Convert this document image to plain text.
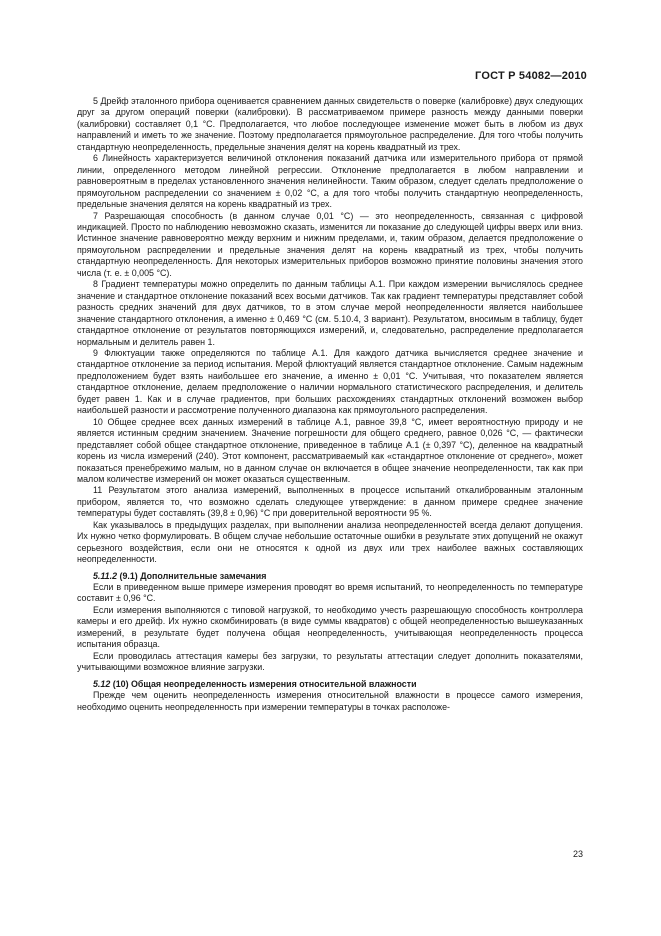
ГОСТ Р 54082—2010

5 Дрейф эталонного прибора оценивается сравнением данных свидетельств о поверке (калибровке) двух следующих друг за другом операций поверки (калибровки). В рассматриваемом примере разность между данными поверки (калибровки) составляет 0,1 °C. Предполагается, что любое последующее изменение может быть в любом из двух направлений и иметь то же значение. Поэтому предполагается прямоугольное распределение. Для того чтобы получить стандартную неопределенность, предельные значения делят на корень квадратный из трех.

6 Линейность характеризуется величиной отклонения показаний датчика или измерительного прибора от прямой линии, определенного методом линейной регрессии. Отклонение предполагается в любом направлении и равновероятным в пределах установленного значения нелинейности. Таким образом, следует сделать предположение о прямоугольном распределении со значением ± 0,02 °C, а для того чтобы получить стандартную неопределенность, предельные значения делятся на корень квадратный из трех.

7 Разрешающая способность (в данном случае 0,01 °C) — это неопределенность, связанная с цифровой индикацией. Просто по наблюдению невозможно сказать, изменится ли показание до следующей цифры вверх или вниз. Истинное значение равновероятно между верхним и нижним пределами, и, таким образом, делается предположение о прямоугольном распределении и предельные значения делят на корень квадратный из трех, чтобы получить стандартную неопределенность. Для некоторых измерительных приборов возможно принятие половины значения этого числа (т. е. ± 0,005 °C).

8 Градиент температуры можно определить по данным таблицы А.1. При каждом измерении вычислялось среднее значение и стандартное отклонение показаний всех восьми датчиков. Так как градиент температуры представляет собой разность средних значений для двух датчиков, то в этом случае мерой неопределенности является наибольшее значение стандартного отклонения, а именно ± 0,469 °C (см. 5.10.4, 3 вариант). Результатом, вносимым в таблицу, будет стандартное отклонение от результатов повторяющихся измерений, и, следовательно, распределение предполагается нормальным и делитель равен 1.

9 Флюктуации также определяются по таблице А.1. Для каждого датчика вычисляется среднее значение и стандартное отклонение за период испытания. Мерой флюктуаций является стандартное отклонение. Самым надежным предположением будет взять наибольшее его значение, а именно ± 0,01 °C. Учитывая, что показателем является стандартное отклонение, делаем предположение о наличии нормального статистического распределения, и делитель будет равен 1. Как и в случае градиентов, при больших расхождениях стандартных отклонений возможен выбор наибольшей разности и рассмотрение полученного диапазона как прямоугольного распределения.

10 Общее среднее всех данных измерений в таблице А.1, равное 39,8 °C, имеет вероятностную природу и не является истинным средним значением. Значение погрешности для общего среднего, равное 0,026 °C, — фактически представляет собой общее стандартное отклонение, приведенное в таблице А.1 (± 0,397 °C), деленное на квадратный корень из числа измерений (240). Этот компонент, рассматриваемый как «стандартное отклонение от среднего», может показаться пренебрежимо малым, но в данном случае он включается в общее значение неопределенности, так как при малом количестве измерений он может оказаться существенным.

11 Результатом этого анализа измерений, выполненных в процессе испытаний откалиброванным эталонным прибором, является то, что возможно сделать следующее утверждение: в данном примере среднее значение температуры будет составлять (39,8 ± 0,96) °C при доверительной вероятности 95 %.

Как указывалось в предыдущих разделах, при выполнении анализа неопределенностей всегда делают допущения. Их нужно четко формулировать. В общем случае небольшие остаточные ошибки в результате этих допущений не окажут серьезного воздействия, если они не относятся к одной из двух или трех наиболее важных составляющих неопределенности.

5.11.2 (9.1) Дополнительные замечания

Если в приведенном выше примере измерения проводят во время испытаний, то неопределенность по температуре составит ± 0,96 °C.

Если измерения выполняются с типовой нагрузкой, то необходимо учесть разрешающую способность контроллера камеры и его дрейф. Их нужно скомбинировать (в виде суммы квадратов) с общей неопределенностью вышеуказанных измерений, в результате будет получена общая неопределенность, учитывающая неопределенность процесса испытания образца.

Если проводилась аттестация камеры без загрузки, то результаты аттестации следует дополнить показателями, учитывающими возможное влияние загрузки.

5.12 (10) Общая неопределенность измерения относительной влажности

Прежде чем оценить неопределенность измерения относительной влажности в процессе самого измерения, необходимо оценить неопределенность при измерении температуры в точках расположе-

23
